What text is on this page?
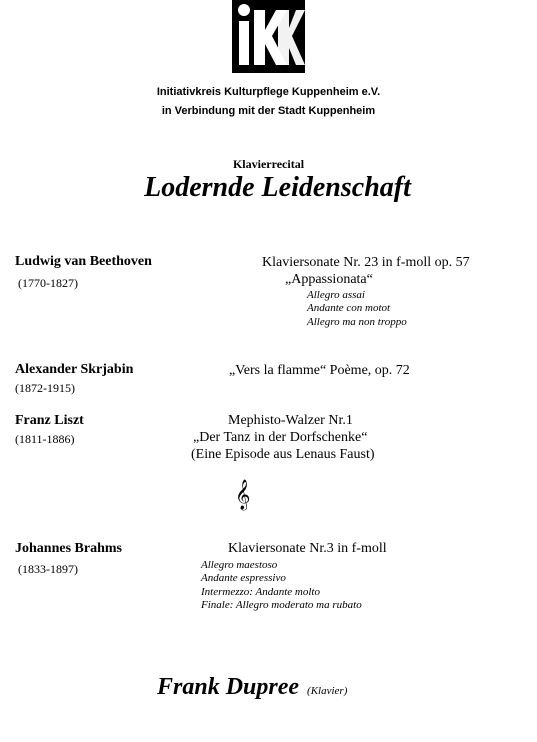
Initiativkreis Kulturpflege Kuppenheim e.V.
in Verbindung mit der Stadt Kuppenheim
Klavierrecital
Lodernde Leidenschaft
Ludwig van Beethoven
(1770-1827)
Klaviersonate Nr. 23 in f-moll op. 57
„Appassionata“
Allegro assai
Andante con motot
Allegro ma non troppo
Alexander Skrjabin
(1872-1915)
„Vers la flamme“ Poème, op. 72
Franz Liszt
(1811-1886)
Mephisto-Walzer Nr.1
„Der Tanz in der Dorfschenke“
(Eine Episode aus Lenaus Faust)
𝄞
Johannes Brahms
(1833-1897)
Klaviersonate Nr.3 in f-moll
Allegro maestoso
Andante espressivo
Intermezzo: Andante molto
Finale: Allegro moderato ma rubato
Frank Dupree (Klavier)
